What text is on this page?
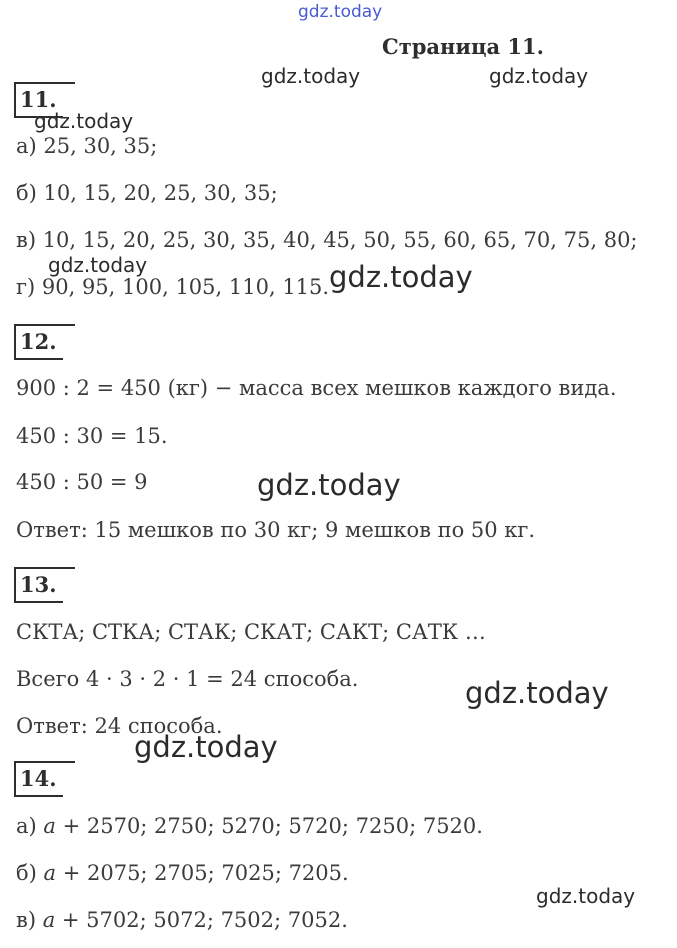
gdz.today
gdz.today	gdz.today
gdz.today
gdz.today	gdz.today
gdz.today
gdz.today
gdz.today
gdz.today
Страница 11.
11.
а) 25, 30, 35;
б) 10, 15, 20, 25, 30, 35;
в) 10, 15, 20, 25, 30, 35, 40, 45, 50, 55, 60, 65, 70, 75, 80;
г) 90, 95, 100, 105, 110, 115.
12.
900 : 2 = 450 (кг) − масса всех мешков каждого вида.
450 : 30 = 15.
450 : 50 = 9
Ответ: 15 мешков по 30 кг; 9 мешков по 50 кг.
13.
СКТА; СТКА; СТАК; СКАТ; САКТ; САТК …
Всего 4 · 3 · 2 · 1 = 24 способа.
Ответ: 24 способа.
14.
а) a + 2570; 2750; 5270; 5720; 7250; 7520.
б) a + 2075; 2705; 7025; 7205.
в) a + 5702; 5072; 7502; 7052.
